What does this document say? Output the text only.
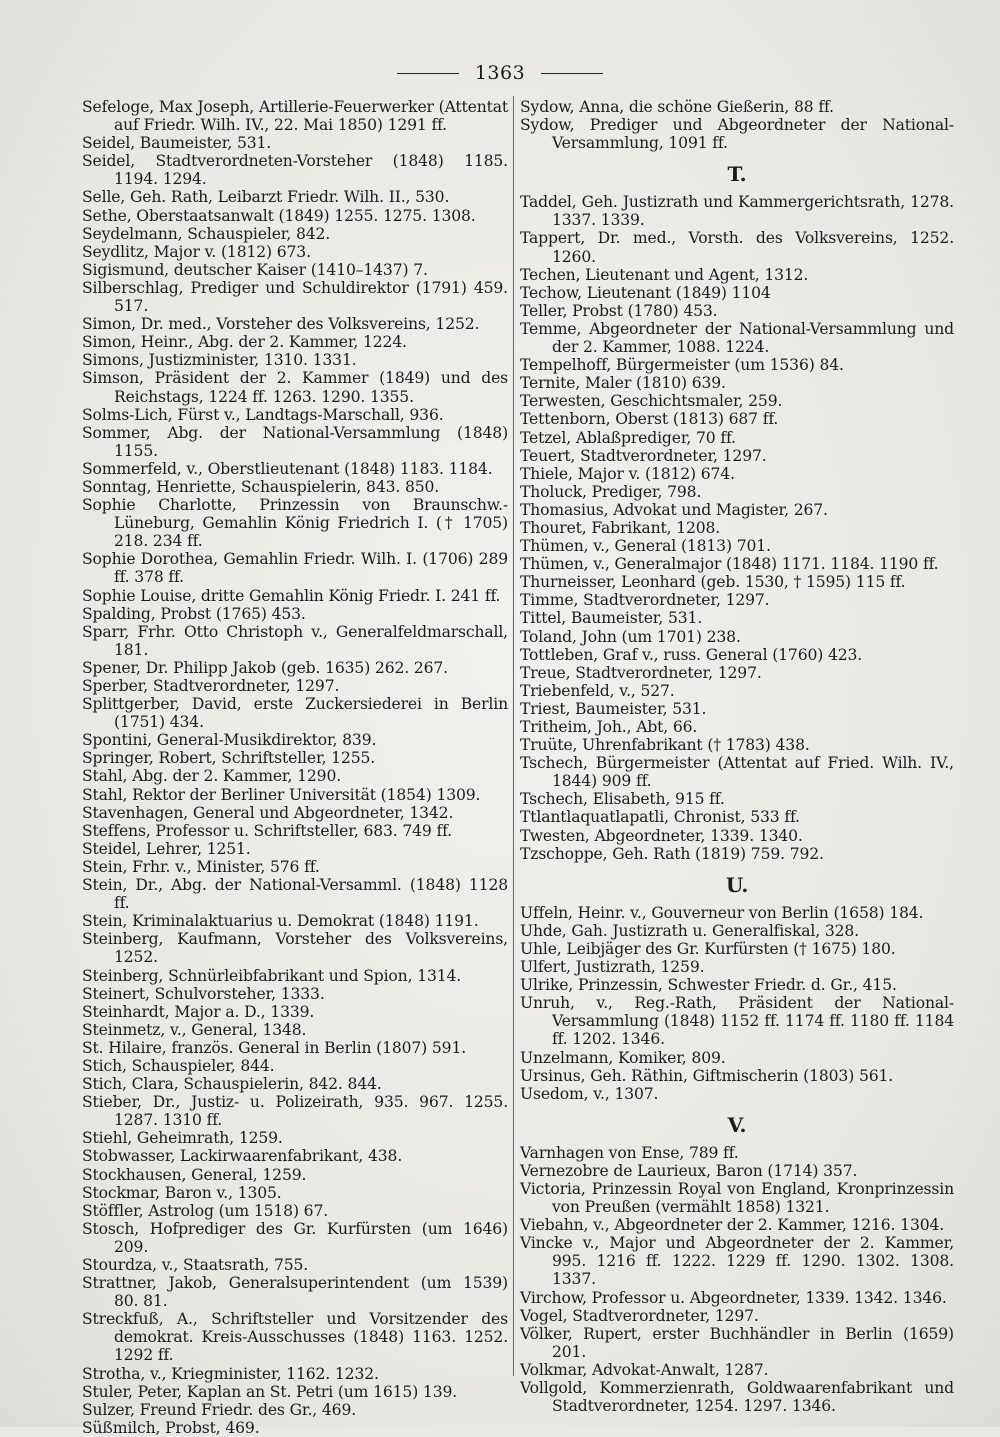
1363
Sefeloge, Max Joseph, Artillerie-Feuerwerker (Attentat auf Friedr. Wilh. IV., 22. Mai 1850) 1291 ff.
Seidel, Baumeister, 531.
Seidel, Stadtverordneten-Vorsteher (1848) 1185. 1194. 1294.
Selle, Geh. Rath, Leibarzt Friedr. Wilh. II., 530.
Sethe, Oberstaatsanwalt (1849) 1255. 1275. 1308.
Seydelmann, Schauspieler, 842.
Seydlitz, Major v. (1812) 673.
Sigismund, deutscher Kaiser (1410–1437) 7.
Silberschlag, Prediger und Schuldirektor (1791) 459. 517.
Simon, Dr. med., Vorsteher des Volksvereins, 1252.
Simon, Heinr., Abg. der 2. Kammer, 1224.
Simons, Justizminister, 1310. 1331.
Simson, Präsident der 2. Kammer (1849) und des Reichstags, 1224 ff. 1263. 1290. 1355.
Solms-Lich, Fürst v., Landtags-Marschall, 936.
Sommer, Abg. der National-Versammlung (1848) 1155.
Sommerfeld, v., Oberstlieutenant (1848) 1183. 1184.
Sonntag, Henriette, Schauspielerin, 843. 850.
Sophie Charlotte, Prinzessin von Braunschw.-Lüneburg, Gemahlin König Friedrich I. († 1705) 218. 234 ff.
Sophie Dorothea, Gemahlin Friedr. Wilh. I. (1706) 289 ff. 378 ff.
Sophie Louise, dritte Gemahlin König Friedr. I. 241 ff.
Spalding, Probst (1765) 453.
Sparr, Frhr. Otto Christoph v., Generalfeldmarschall, 181.
Spener, Dr. Philipp Jakob (geb. 1635) 262. 267.
Sperber, Stadtverordneter, 1297.
Splittgerber, David, erste Zuckersiederei in Berlin (1751) 434.
Spontini, General-Musikdirektor, 839.
Springer, Robert, Schriftsteller, 1255.
Stahl, Abg. der 2. Kammer, 1290.
Stahl, Rektor der Berliner Universität (1854) 1309.
Stavenhagen, General und Abgeordneter, 1342.
Steffens, Professor u. Schriftsteller, 683. 749 ff.
Steidel, Lehrer, 1251.
Stein, Frhr. v., Minister, 576 ff.
Stein, Dr., Abg. der National-Versamml. (1848) 1128 ff.
Stein, Kriminalaktuarius u. Demokrat (1848) 1191.
Steinberg, Kaufmann, Vorsteher des Volksvereins, 1252.
Steinberg, Schnürleibfabrikant und Spion, 1314.
Steinert, Schulvorsteher, 1333.
Steinhardt, Major a. D., 1339.
Steinmetz, v., General, 1348.
St. Hilaire, französ. General in Berlin (1807) 591.
Stich, Schauspieler, 844.
Stich, Clara, Schauspielerin, 842. 844.
Stieber, Dr., Justiz- u. Polizeirath, 935. 967. 1255. 1287. 1310 ff.
Stiehl, Geheimrath, 1259.
Stobwasser, Lackirwaarenfabrikant, 438.
Stockhausen, General, 1259.
Stockmar, Baron v., 1305.
Stöffler, Astrolog (um 1518) 67.
Stosch, Hofprediger des Gr. Kurfürsten (um 1646) 209.
Stourdza, v., Staatsrath, 755.
Strattner, Jakob, Generalsuperintendent (um 1539) 80. 81.
Streckfuß, A., Schriftsteller und Vorsitzender des demokrat. Kreis-Ausschusses (1848) 1163. 1252. 1292 ff.
Strotha, v., Kriegminister, 1162. 1232.
Stuler, Peter, Kaplan an St. Petri (um 1615) 139.
Sulzer, Freund Friedr. des Gr., 469.
Süßmilch, Probst, 469.
Sydow, Anna, die schöne Gießerin, 88 ff.
Sydow, Prediger und Abgeordneter der National-Versammlung, 1091 ff.
T.
Taddel, Geh. Justizrath und Kammergerichtsrath, 1278. 1337. 1339.
Tappert, Dr. med., Vorsth. des Volksvereins, 1252. 1260.
Techen, Lieutenant und Agent, 1312.
Techow, Lieutenant (1849) 1104
Teller, Probst (1780) 453.
Temme, Abgeordneter der National-Versammlung und der 2. Kammer, 1088. 1224.
Tempelhoff, Bürgermeister (um 1536) 84.
Ternite, Maler (1810) 639.
Terwesten, Geschichtsmaler, 259.
Tettenborn, Oberst (1813) 687 ff.
Tetzel, Ablaßprediger, 70 ff.
Teuert, Stadtverordneter, 1297.
Thiele, Major v. (1812) 674.
Tholuck, Prediger, 798.
Thomasius, Advokat und Magister, 267.
Thouret, Fabrikant, 1208.
Thümen, v., General (1813) 701.
Thümen, v., Generalmajor (1848) 1171. 1184. 1190 ff.
Thurneisser, Leonhard (geb. 1530, † 1595) 115 ff.
Timme, Stadtverordneter, 1297.
Tittel, Baumeister, 531.
Toland, John (um 1701) 238.
Tottleben, Graf v., russ. General (1760) 423.
Treue, Stadtverordneter, 1297.
Triebenfeld, v., 527.
Triest, Baumeister, 531.
Tritheim, Joh., Abt, 66.
Truüte, Uhrenfabrikant († 1783) 438.
Tschech, Bürgermeister (Attentat auf Fried. Wilh. IV., 1844) 909 ff.
Tschech, Elisabeth, 915 ff.
Ttlantlaquatlapatli, Chronist, 533 ff.
Twesten, Abgeordneter, 1339. 1340.
Tzschoppe, Geh. Rath (1819) 759. 792.
U.
Uffeln, Heinr. v., Gouverneur von Berlin (1658) 184.
Uhde, Gah. Justizrath u. Generalfiskal, 328.
Uhle, Leibjäger des Gr. Kurfürsten († 1675) 180.
Ulfert, Justizrath, 1259.
Ulrike, Prinzessin, Schwester Friedr. d. Gr., 415.
Unruh, v., Reg.-Rath, Präsident der National-Versammlung (1848) 1152 ff. 1174 ff. 1180 ff. 1184 ff. 1202. 1346.
Unzelmann, Komiker, 809.
Ursinus, Geh. Räthin, Giftmischerin (1803) 561.
Usedom, v., 1307.
V.
Varnhagen von Ense, 789 ff.
Vernezobre de Laurieux, Baron (1714) 357.
Victoria, Prinzessin Royal von England, Kronprinzessin von Preußen (vermählt 1858) 1321.
Viebahn, v., Abgeordneter der 2. Kammer, 1216. 1304.
Vincke v., Major und Abgeordneter der 2. Kammer, 995. 1216 ff. 1222. 1229 ff. 1290. 1302. 1308. 1337.
Virchow, Professor u. Abgeordneter, 1339. 1342. 1346.
Vogel, Stadtverordneter, 1297.
Völker, Rupert, erster Buchhändler in Berlin (1659) 201.
Volkmar, Advokat-Anwalt, 1287.
Vollgold, Kommerzienrath, Goldwaarenfabrikant und Stadtverordneter, 1254. 1297. 1346.
